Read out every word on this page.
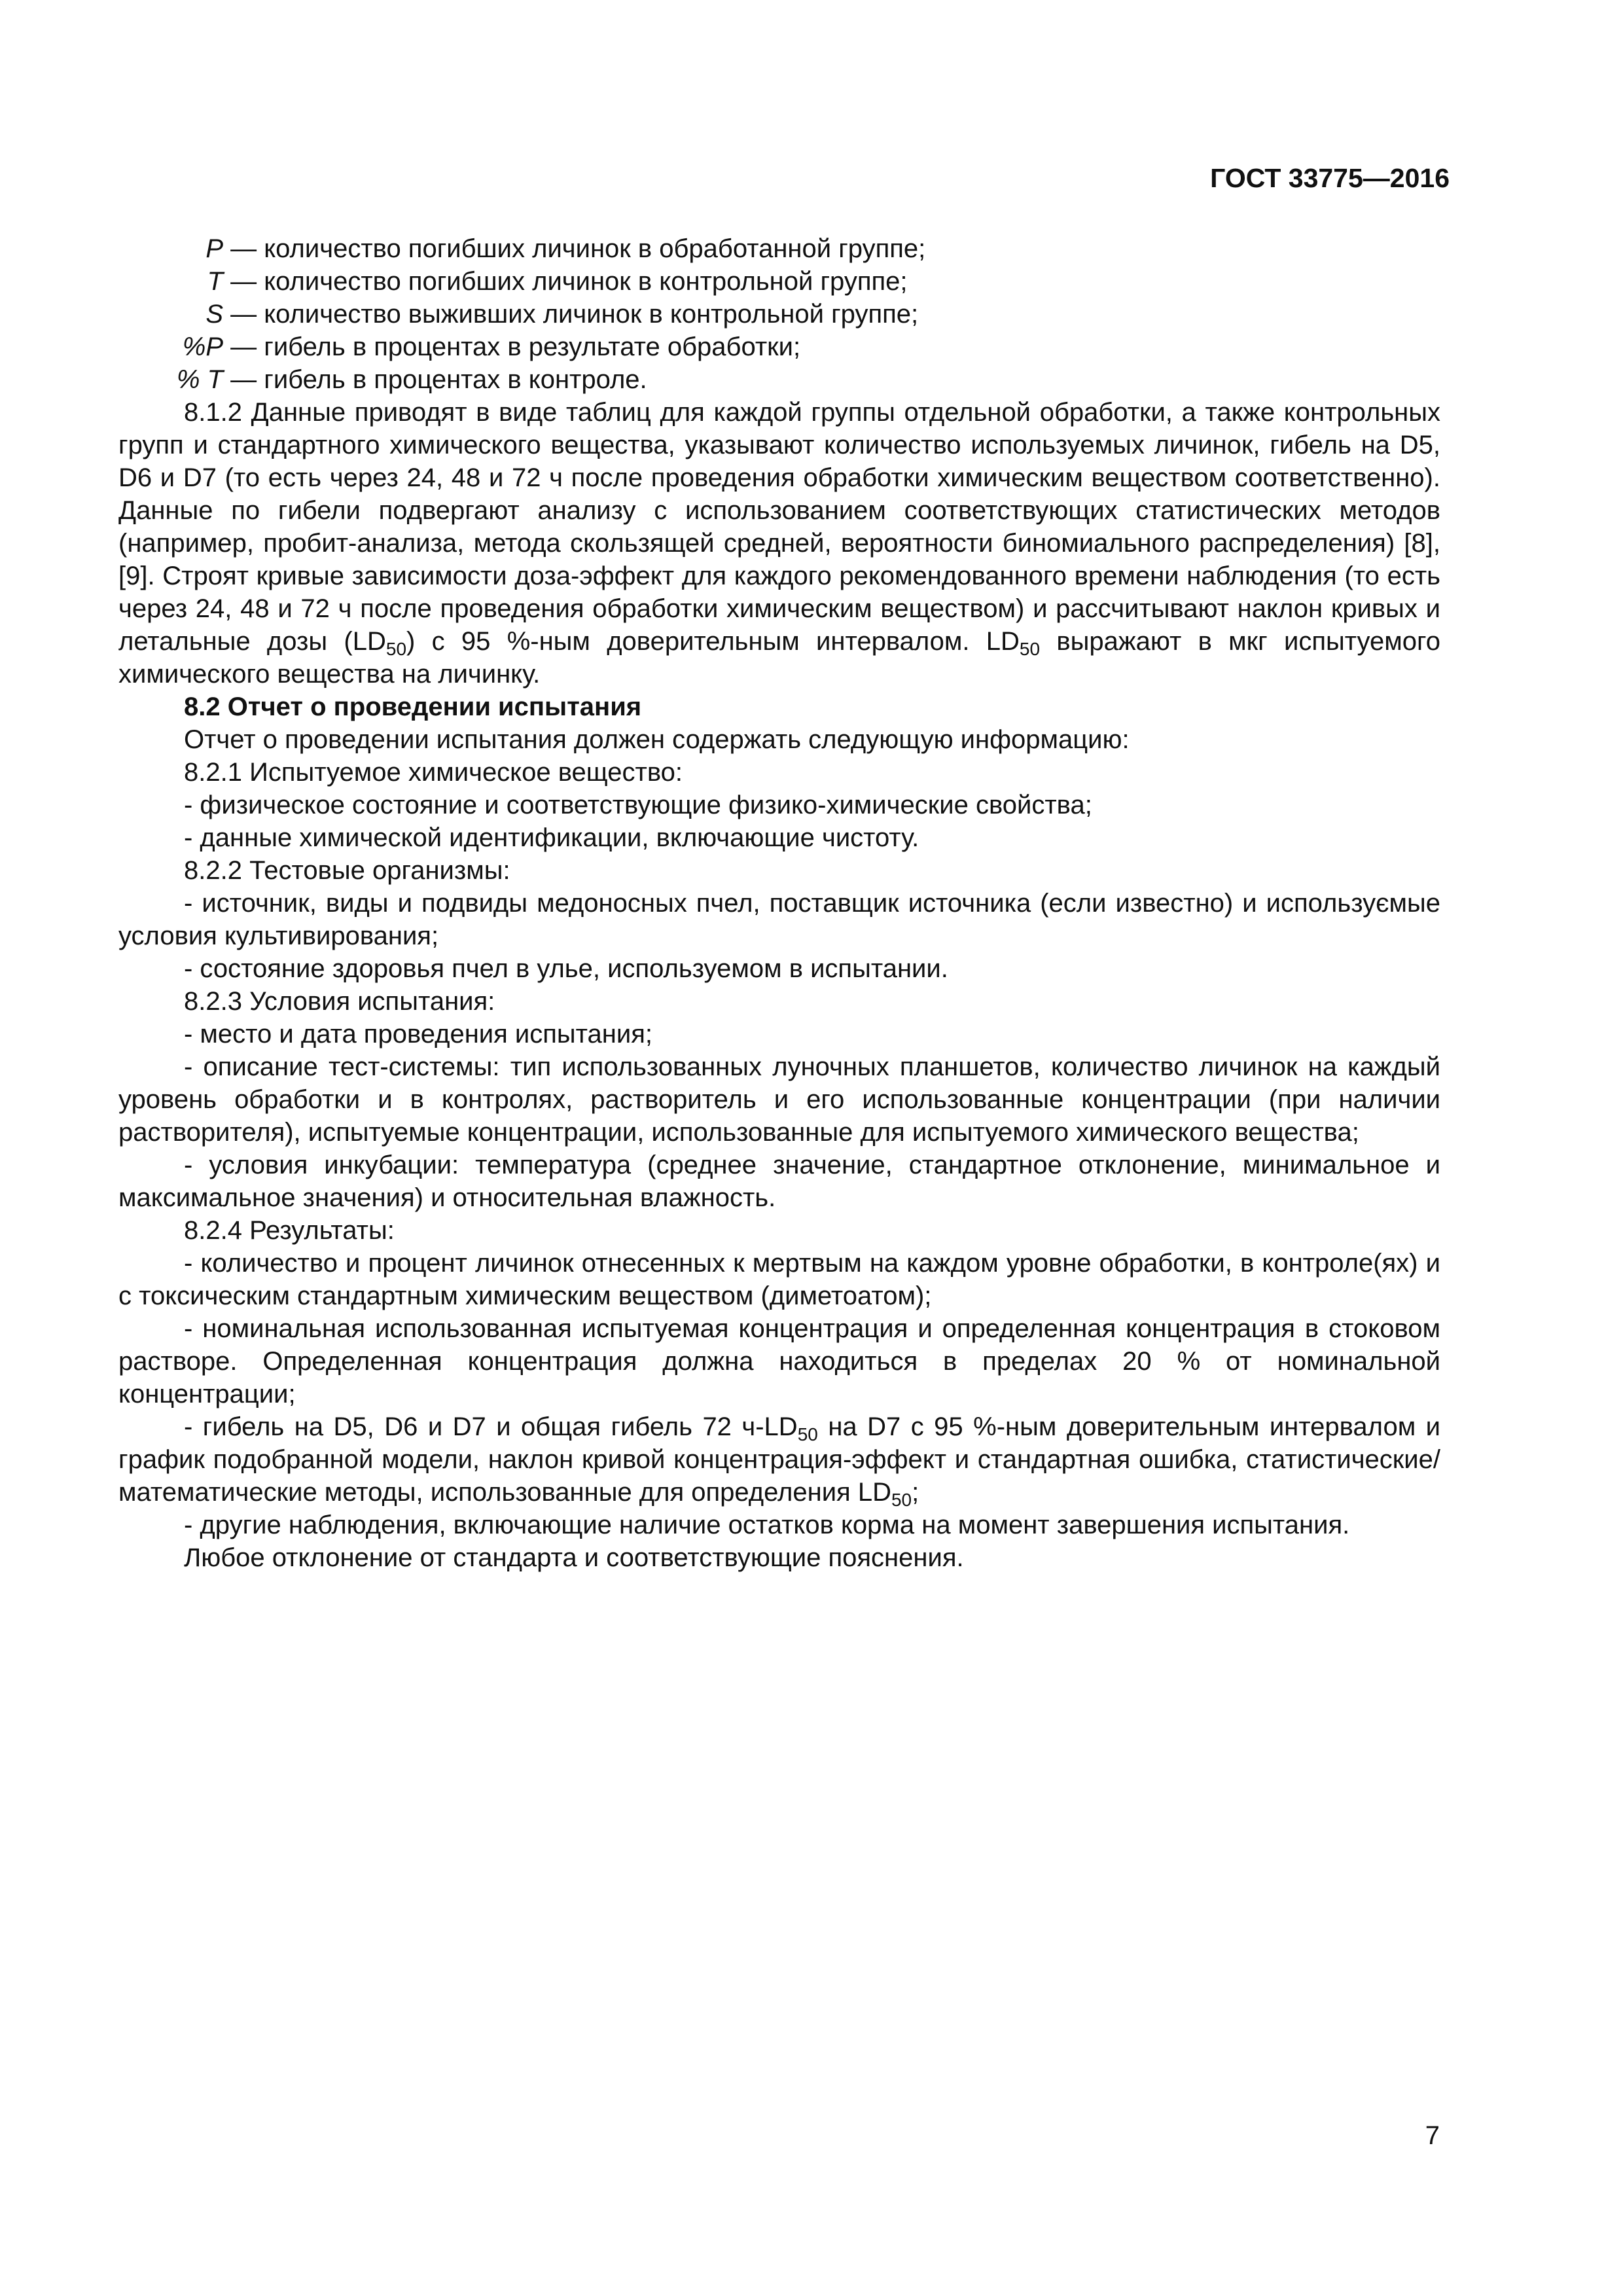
ГОСТ 33775—2016
P — количество погибших личинок в обработанной группе;
T — количество погибших личинок в контрольной группе;
S — количество выживших личинок в контрольной группе;
%P — гибель в процентах в результате обработки;
% T — гибель в процентах в контроле.

8.1.2 Данные приводят в виде таблиц для каждой группы отдельной обработки, а также контрольных групп и стандартного химического вещества, указывают количество используемых личинок, гибель на D5, D6 и D7 (то есть через 24, 48 и 72 ч после проведения обработки химическим веществом соответственно). Данные по гибели подвергают анализу с использованием соответствующих статистических методов (например, пробит-анализа, метода скользящей средней, вероятности биномиального распределения) [8], [9]. Строят кривые зависимости доза-эффект для каждого рекомендованного времени наблюдения (то есть через 24, 48 и 72 ч после проведения обработки химическим веществом) и рассчитывают наклон кривых и летальные дозы $(LD_{50})$ с 95 %-ным доверительным интервалом. $LD_{50}$ выражают в мкг испытуемого химического вещества на личинку.

8.2 Отчет о проведении испытания

Отчет о проведении испытания должен содержать следующую информацию:

8.2.1 Испытуемое химическое вещество:

- физическое состояние и соответствующие физико-химические свойства;

- данные химической идентификации, включающие чистоту.

8.2.2 Тестовые организмы:

- источник, виды и подвиды медоносных пчел, поставщик источника (если известно) и используємые условия культивирования;

- состояние здоровья пчел в улье, используемом в испытании.

8.2.3 Условия испытания:

- место и дата проведения испытания;

- описание тест-системы: тип использованных луночных планшетов, количество личинок на каждый уровень обработки и в контролях, растворитель и его использованные концентрации (при наличии растворителя), испытуемые концентрации, использованные для испытуемого химического вещества;

- условия инкубации: температура (среднее значение, стандартное отклонение, минимальное и максимальное значения) и относительная влажность.

8.2.4 Результаты:

- количество и процент личинок отнесенных к мертвым на каждом уровне обработки, в контроле(ях) и с токсическим стандартным химическим веществом (диметоатом);

- номинальная использованная испытуемая концентрация и определенная концентрация в стоковом растворе. Определенная концентрация должна находиться в пределах 20 % от номинальной концентрации;

- гибель на D5, D6 и D7 и общая гибель 72 $ч-LD_{50}$ на D7 с 95 %-ным доверительным интервалом и график подобранной модели, наклон кривой концентрация-эффект и стандартная ошибка, статистические/математические методы, использованные для определения $LD_{50}$;

- другие наблюдения, включающие наличие остатков корма на момент завершения испытания.

Любое отклонение от стандарта и соответствующие пояснения.

7
